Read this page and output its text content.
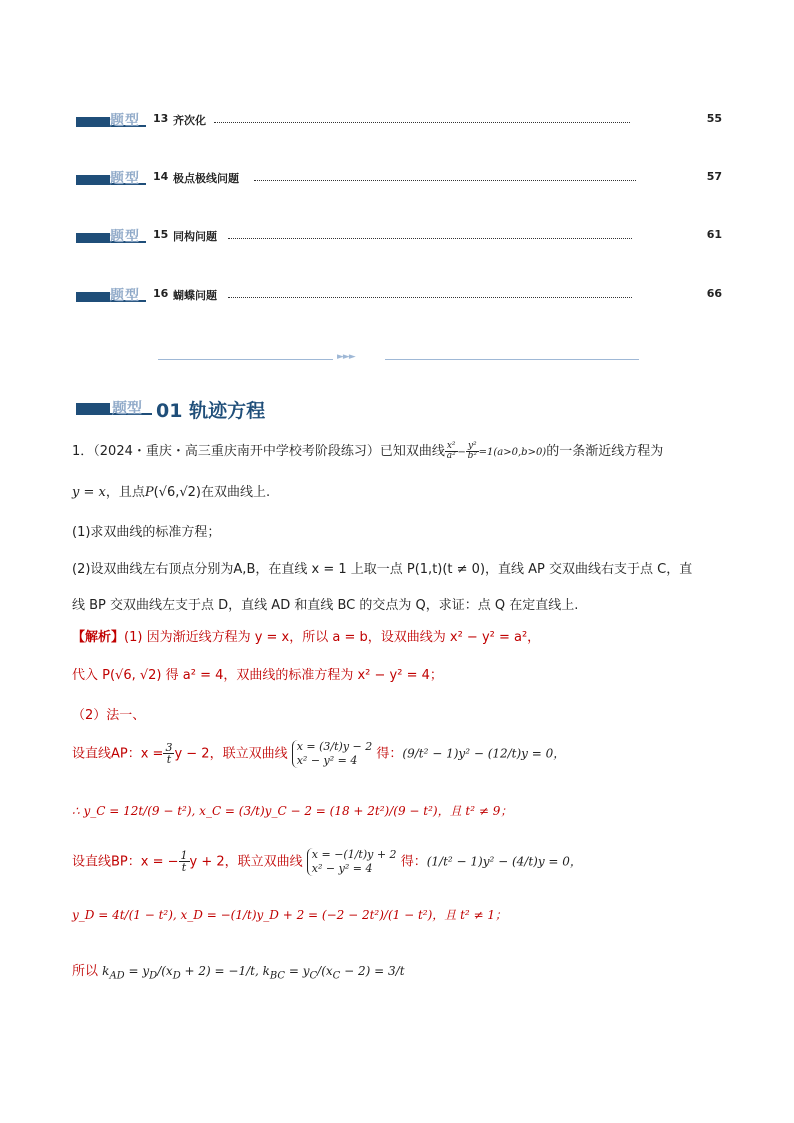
题型 13 齐次化	55
题型 14 极点极线问题	57
题型 15 同构问题	61
题型 16 蝴蝶问题	66
►►►
题型 01 轨迹方程
1．（2024・重庆・高三重庆南开中学校考阶段练习）已知双曲线 $\frac{\text{x²}}{\text{a²}} - \frac{\text{y²}}{\text{b²}} =1(a>0,b>0)$的一条渐近线方程为
y = x，且点P(√6,√2)在双曲线上.
(1)求双曲线的标准方程；
(2)设双曲线左右顶点分别为A,B，在直线 x = 1 上取一点 P(1,t)(t ≠ 0)，直线 AP 交双曲线右支于点 C，直
线 BP 交双曲线左支于点 D，直线 AD 和直线 BC 的交点为 Q，求证：点 Q 在定直线上.
【解析】(1) 因为渐近线方程为 y = x，所以 a = b，设双曲线为 x² − y² = a²，
代入 P(√6, √2) 得 a² = 4，双曲线的标准方程为 x² − y² = 4；
（2）法一、
设直线AP：$x = \frac{3}{t}$ y − 2，联立双曲线 x = (3/t)y − 2
x² − y² = 4	得：(9/t² − 1)y² − (12/t)y = 0，
∴ y_C = 12t/(9 − t²), x_C = (3/t)y_C − 2 = (18 + 2t²)/(9 − t²)，且 t² ≠ 9；
设直线BP：x = − $\frac{1}{t}$ y + 2，联立双曲线 x = −(1/t)y + 2
x² − y² = 4	得：(1/t² − 1)y² − (4/t)y = 0，
y_D = 4t/(1 − t²), x_D = −(1/t)y_D + 2 = (−2 − 2t²)/(1 − t²)，且 t² ≠ 1；
所以 $k_{AD} = y_D/(x_D + 2) = -1/t$, $k_{BC} = y_C/(x_C - 2) = 3/t$
